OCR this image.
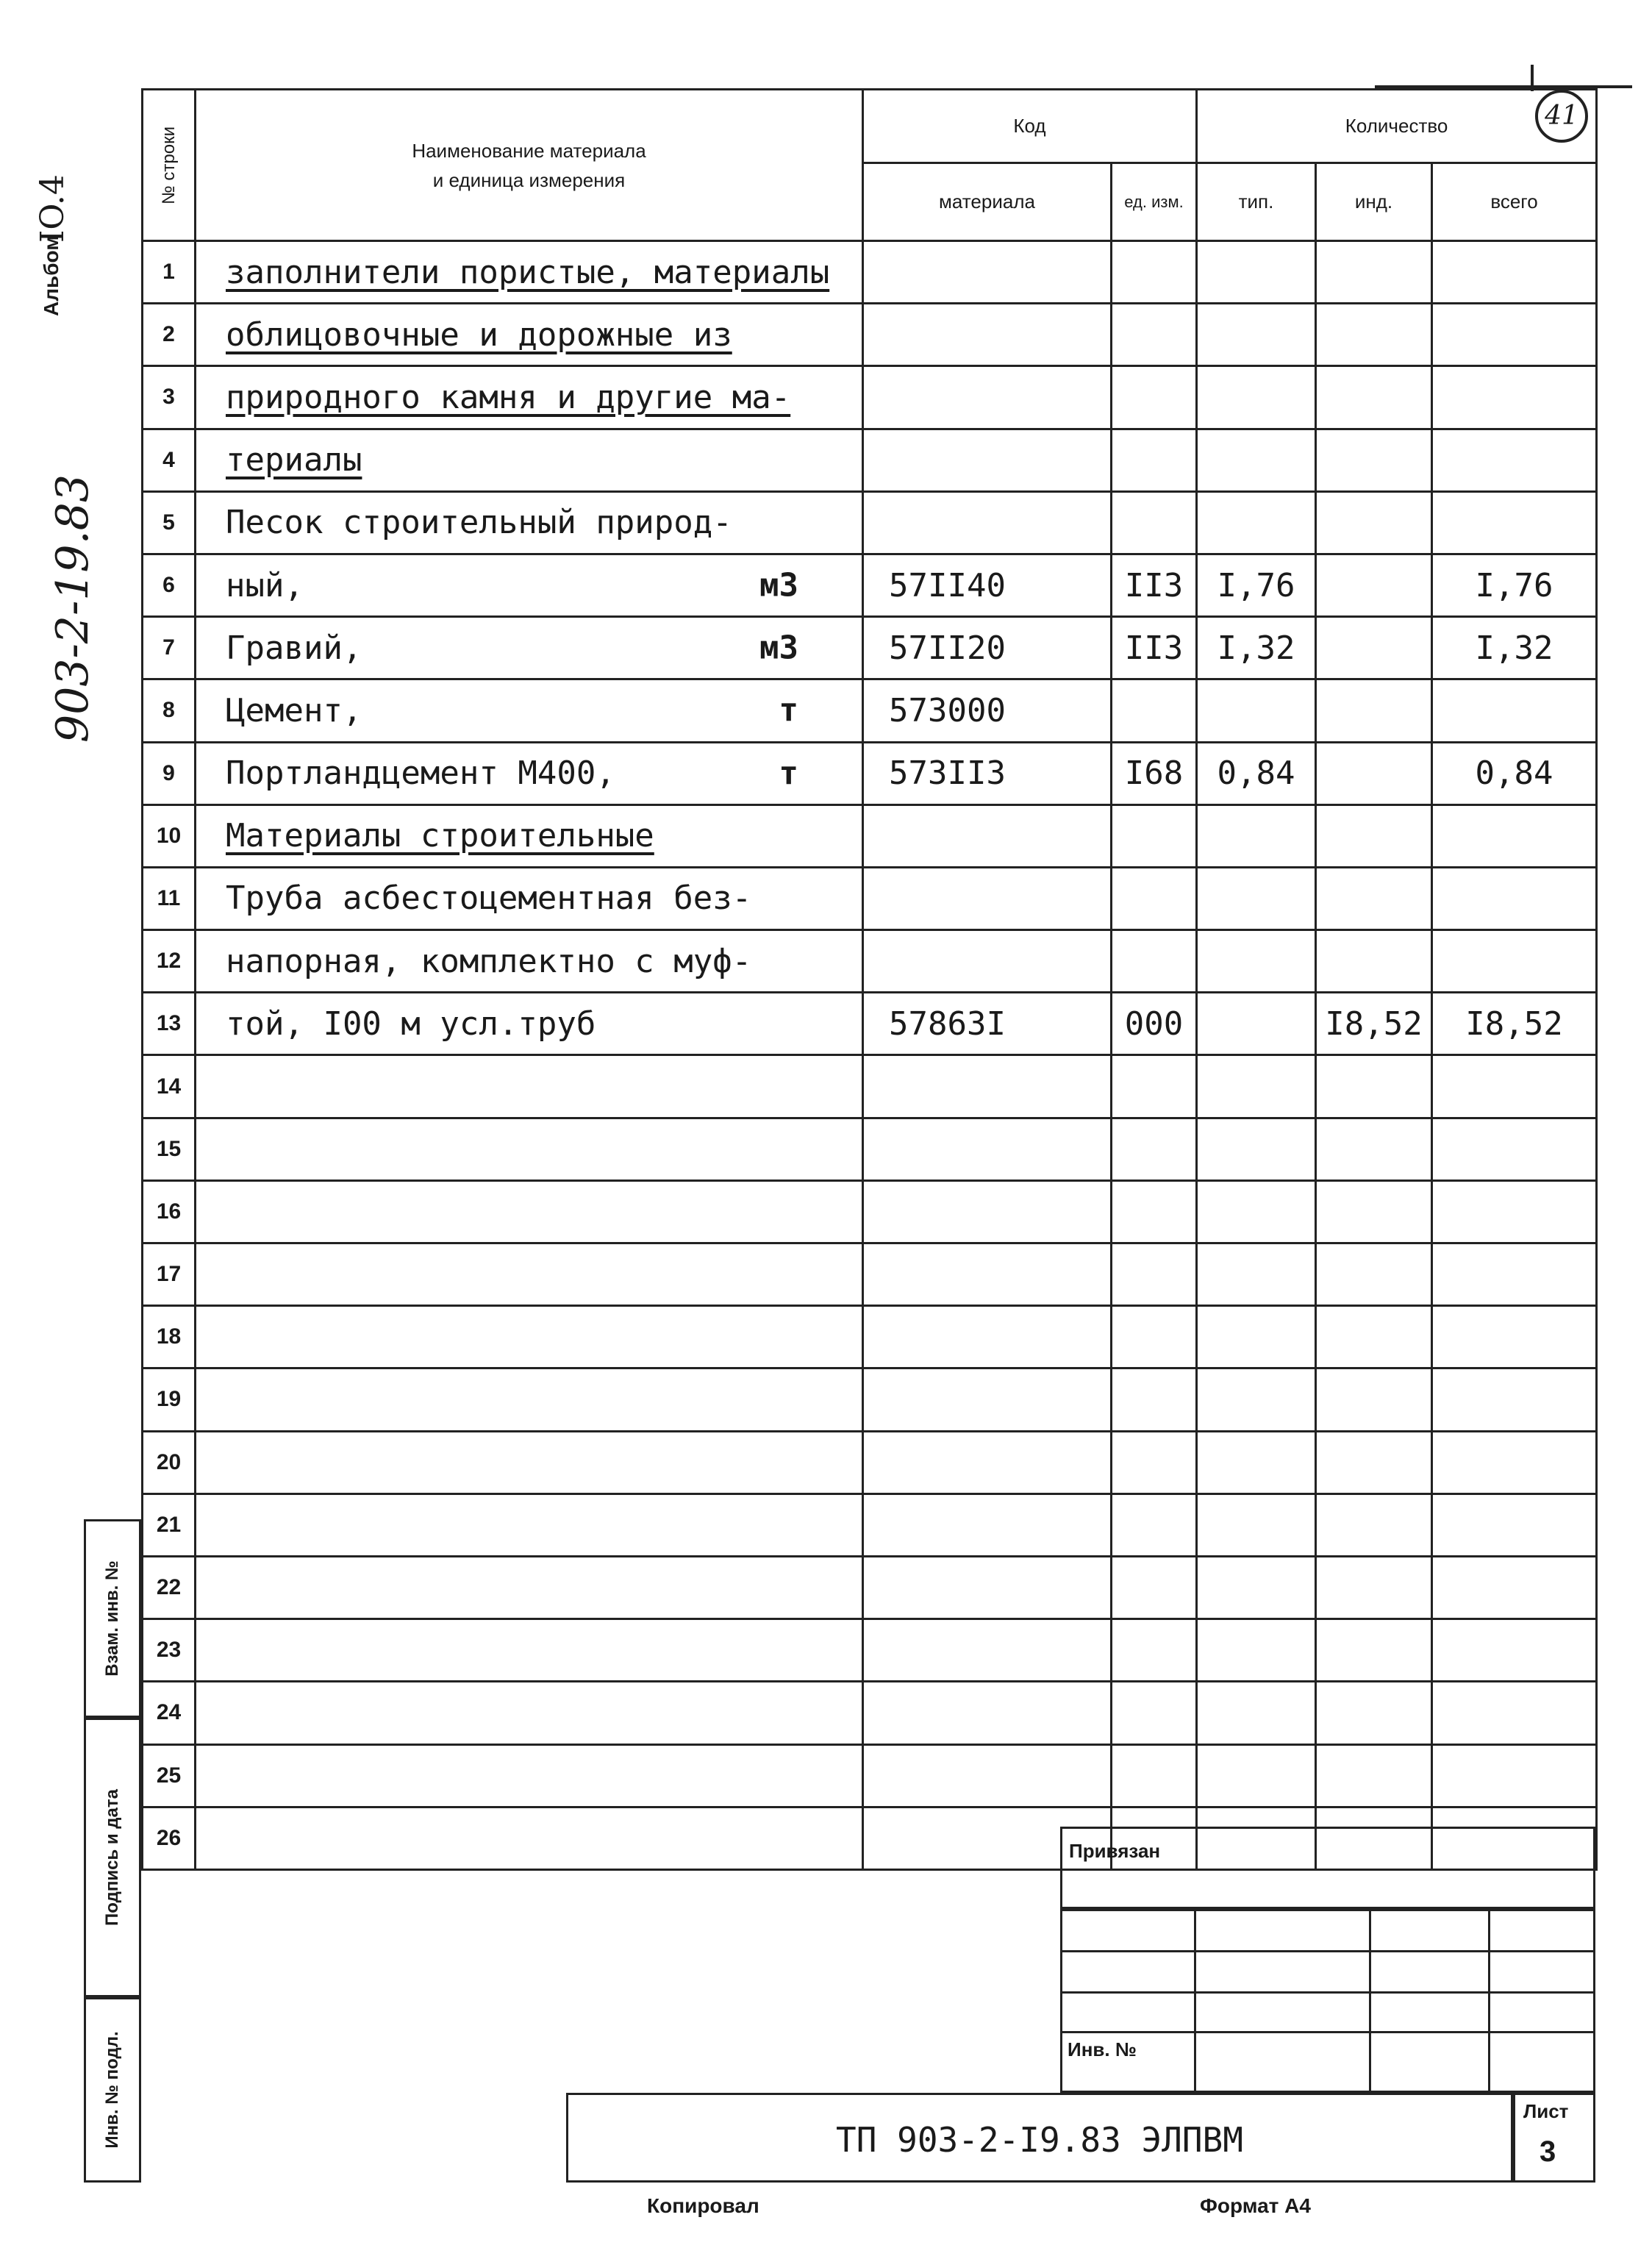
41
Альбом
IO.4
903-2-19.83
№ строки	Наименование материала
и единица измерения	Код		Количество		
		материала	ед. изм.	тип.	инд.	всего
1	заполнители пористые, материалы

2	облицовочные и дорожные из

3	природного камня и другие ма-

4	териалы

5	Песок строительный природ-

6	ный, м3	57II40	II3	I,76		I,76
7	Гравий, м3	57II20	II3	I,32		I,32
8	Цемент, т	573000				
9	Портландцемент М400, т	573II3	I68	0,84		0,84
10	Материалы строительные

11	Труба асбестоцементная без-

12	напорная, комплектно с муф-

13	той, I00 м усл.труб	57863I	000		I8,52	I8,52
14	

15	

16	

17	

18	

19	

20	

21	

22	

23	

24	

25	

26	

Взам. инв. №
Подпись и дата
Инв. № подл.
Привязан
Инв. №
ТП 903-2-I9.83 ЭЛПВМ
Лист
3
Копировал	Формат А4
